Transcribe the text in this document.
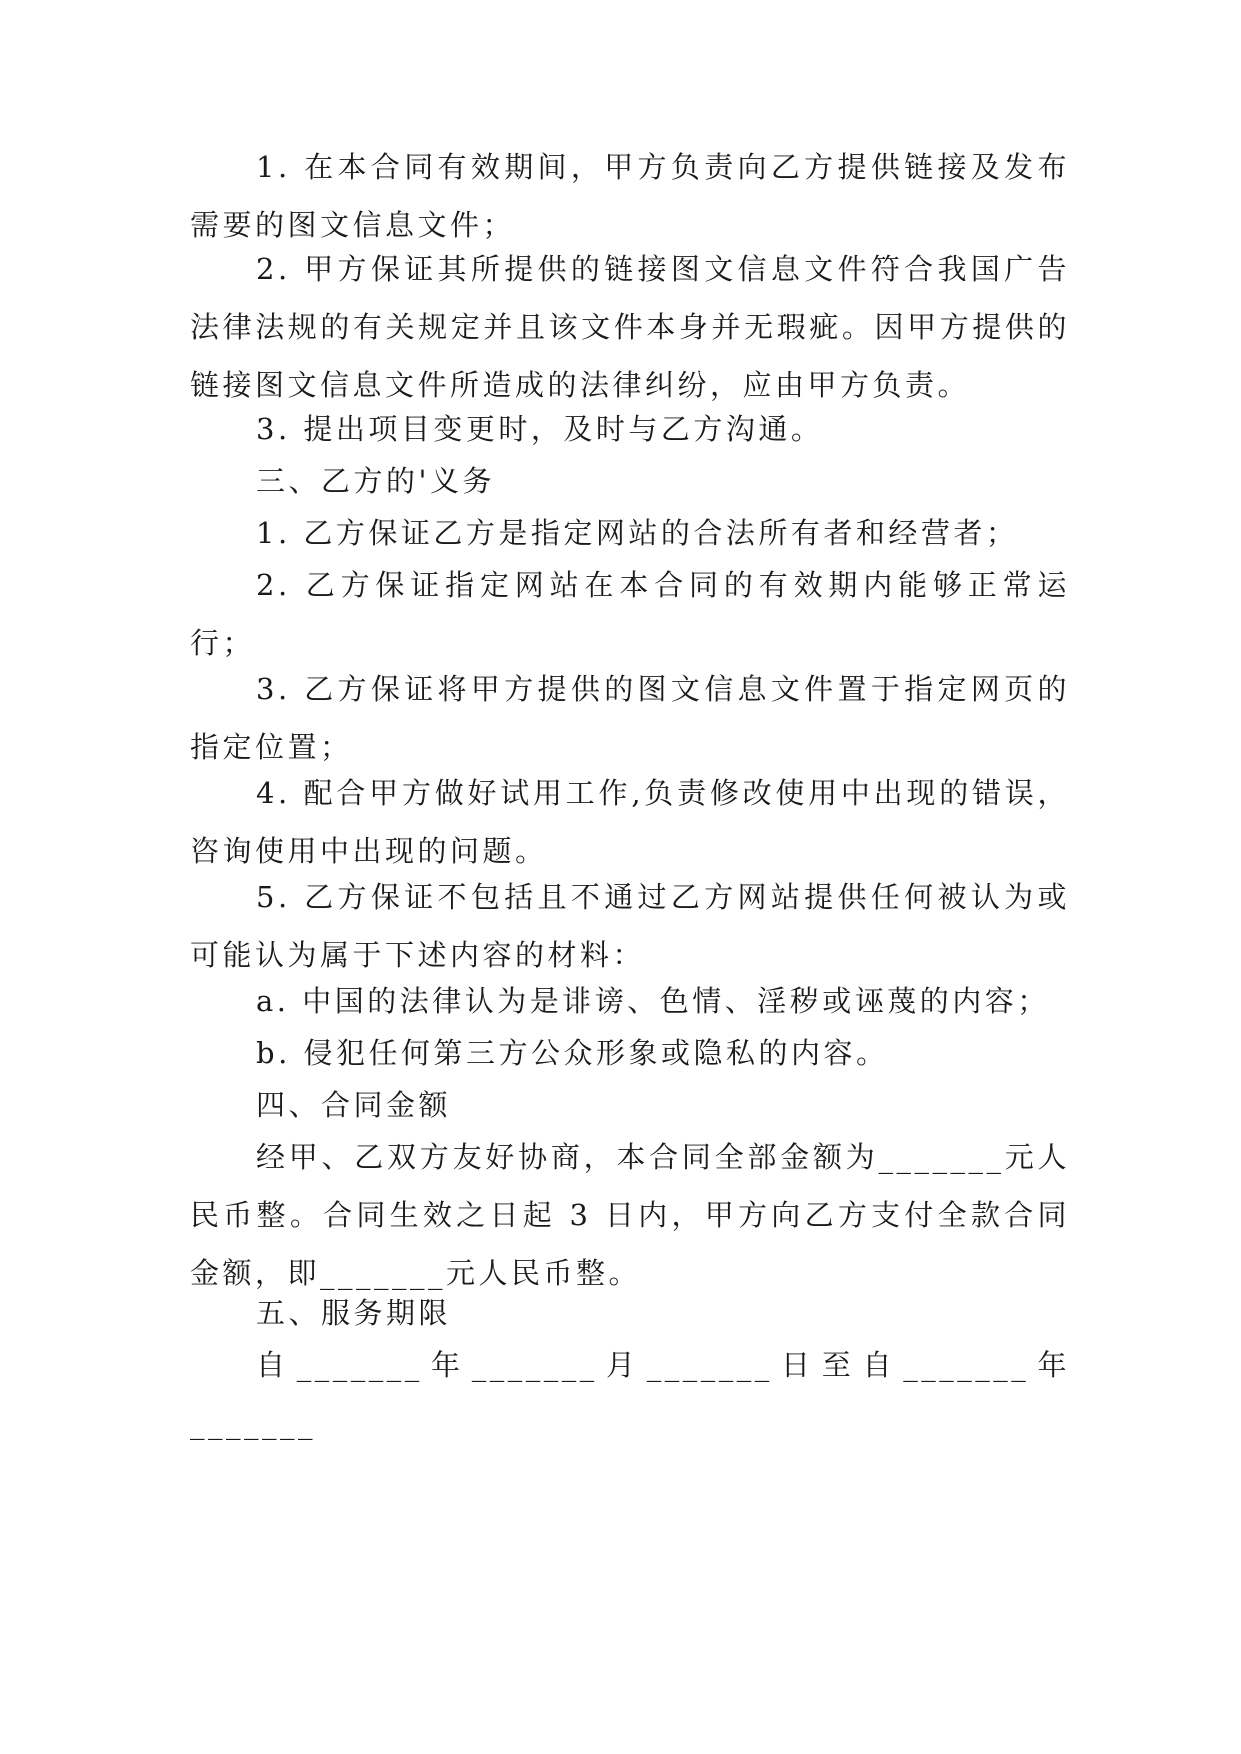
1. 在本合同有效期间，甲方负责向乙方提供链接及发布需要的图文信息文件；

2. 甲方保证其所提供的链接图文信息文件符合我国广告法律法规的有关规定并且该文件本身并无瑕疵。因甲方提供的链接图文信息文件所造成的法律纠纷，应由甲方负责。

3. 提出项目变更时，及时与乙方沟通。

三、乙方的'义务

1. 乙方保证乙方是指定网站的合法所有者和经营者；

2. 乙方保证指定网站在本合同的有效期内能够正常运行；

3. 乙方保证将甲方提供的图文信息文件置于指定网页的指定位置；

4. 配合甲方做好试用工作,负责修改使用中出现的错误，咨询使用中出现的问题。

5. 乙方保证不包括且不通过乙方网站提供任何被认为或可能认为属于下述内容的材料：

a. 中国的法律认为是诽谤、色情、淫秽或诬蔑的内容；

b. 侵犯任何第三方公众形象或隐私的内容。

四、合同金额

经甲、乙双方友好协商，本合同全部金额为_______元人民币整。合同生效之日起 3 日内，甲方向乙方支付全款合同金额，即_______元人民币整。

五、服务期限

自_______年_______月_______日至自_______年_______
